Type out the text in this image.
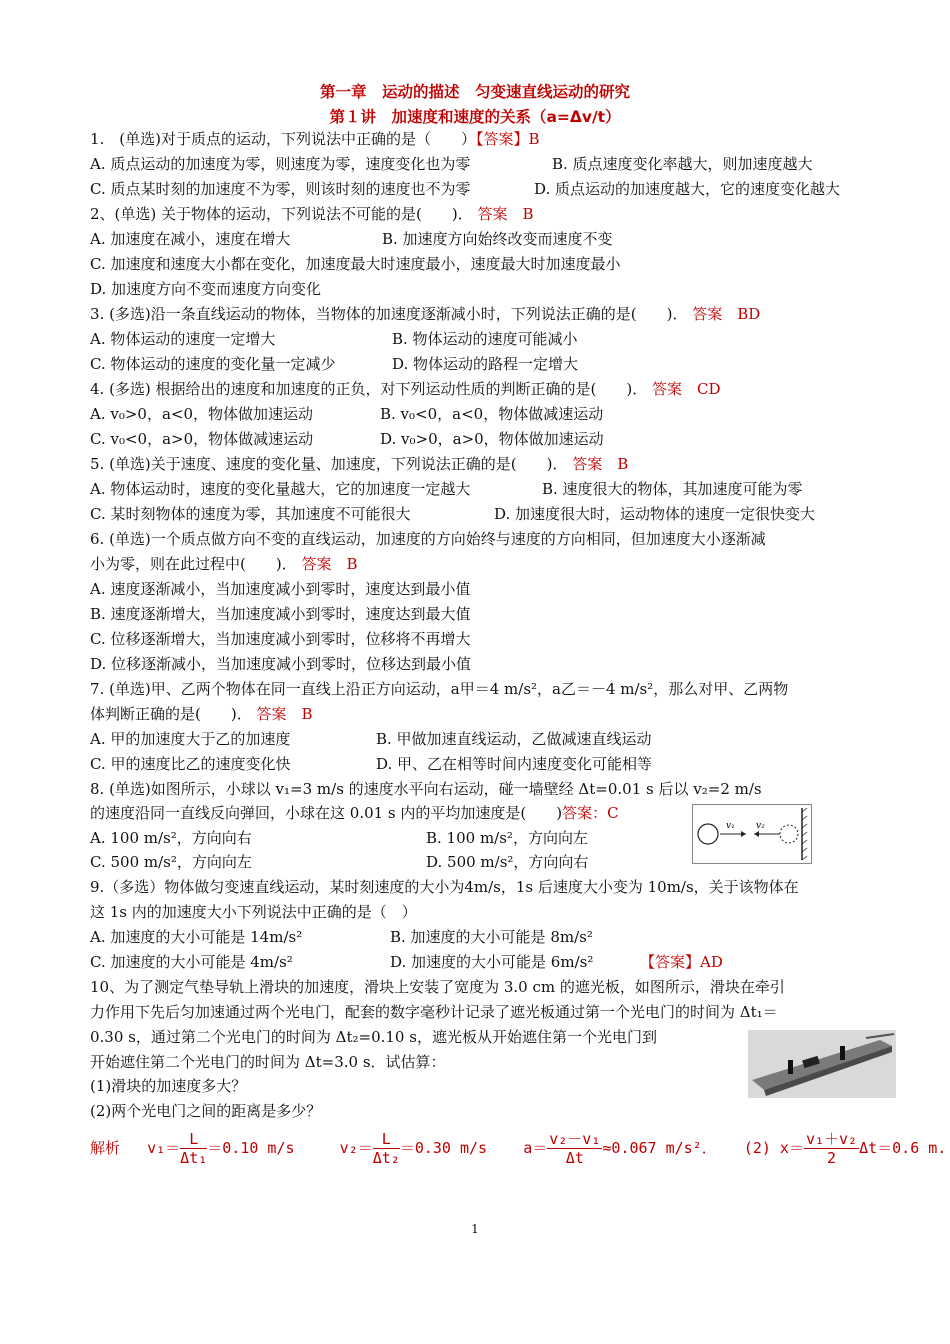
第一章　运动的描述　匀变速直线运动的研究
第１讲　加速度和速度的关系（a=Δv/t）
1.　(单选)对于质点的运动，下列说法中正确的是（　　）【答案】B
A. 质点运动的加速度为零，则速度为零，速度变化也为零	B. 质点速度变化率越大，则加速度越大
C. 质点某时刻的加速度不为零，则该时刻的速度也不为零	D. 质点运动的加速度越大，它的速度变化越大
2、(单选) 关于物体的运动，下列说法不可能的是(　　)． 答案　B
A. 加速度在减小，速度在增大	B. 加速度方向始终改变而速度不变
C. 加速度和速度大小都在变化，加速度最大时速度最小，速度最大时加速度最小
D. 加速度方向不变而速度方向变化
3. (多选)沿一条直线运动的物体，当物体的加速度逐渐减小时，下列说法正确的是(　　)． 答案　BD
A. 物体运动的速度一定增大	B. 物体运动的速度可能减小
C. 物体运动的速度的变化量一定减少	D. 物体运动的路程一定增大
4. (多选) 根据给出的速度和加速度的正负，对下列运动性质的判断正确的是(　　)． 答案　CD
A. v₀>0，a<0，物体做加速运动	B. v₀<0，a<0，物体做减速运动
C. v₀<0，a>0，物体做减速运动	D. v₀>0，a>0，物体做加速运动
5. (单选)关于速度、速度的变化量、加速度，下列说法正确的是(　　)． 答案　B
A. 物体运动时，速度的变化量越大，它的加速度一定越大	B. 速度很大的物体，其加速度可能为零
C. 某时刻物体的速度为零，其加速度不可能很大	D. 加速度很大时，运动物体的速度一定很快变大
6. (单选)一个质点做方向不变的直线运动，加速度的方向始终与速度的方向相同，但加速度大小逐渐减
小为零，则在此过程中(　　)． 答案　B
A. 速度逐渐减小，当加速度减小到零时，速度达到最小值
B. 速度逐渐增大，当加速度减小到零时，速度达到最大值
C. 位移逐渐增大，当加速度减小到零时，位移将不再增大
D. 位移逐渐减小，当加速度减小到零时，位移达到最小值
7. (单选)甲、乙两个物体在同一直线上沿正方向运动，a甲＝4 m/s²，a乙＝－4 m/s²，那么对甲、乙两物
体判断正确的是(　　)． 答案　B
A. 甲的加速度大于乙的加速度	B. 甲做加速直线运动，乙做减速直线运动
C. 甲的速度比乙的速度变化快	D. 甲、乙在相等时间内速度变化可能相等
8. (单选)如图所示，小球以 v₁=3 m/s 的速度水平向右运动，碰一墙壁经 Δt=0.01 s 后以 v₂=2 m/s
的速度沿同一直线反向弹回，小球在这 0.01 s 内的平均加速度是(　　)答案：C
A. 100 m/s²，方向向右	B. 100 m/s²，方向向左
C. 500 m/s²，方向向左	D. 500 m/s²，方向向右
v₁ v₂
9.（多选）物体做匀变速直线运动，某时刻速度的大小为4m/s，1s 后速度大小变为 10m/s，关于该物体在
这 1s 内的加速度大小下列说法中正确的是（　）
A. 加速度的大小可能是 14m/s²	B. 加速度的大小可能是 8m/s²
C. 加速度的大小可能是 4m/s²	D. 加速度的大小可能是 6m/s²	【答案】AD
10、为了测定气垫导轨上滑块的加速度，滑块上安装了宽度为 3.0 cm 的遮光板，如图所示，滑块在牵引
力作用下先后匀加速通过两个光电门，配套的数字毫秒计记录了遮光板通过第一个光电门的时间为 Δt₁＝
0.30 s，通过第二个光电门的时间为 Δt₂=0.10 s，遮光板从开始遮住第一个光电门到
开始遮住第二个光电门的时间为 Δt=3.0 s．试估算：
(1)滑块的加速度多大？
(2)两个光电门之间的距离是多少？
解析 $v_1= \frac{L}{\text{Δt₁}} =0.10$ m/s	$v_2= \frac{L}{\text{Δt₂}} =0.30$ m/s $a= \frac{\text{v₂－v₁}}{\Delta t} \approx 0.067$ m/s²． (2) $x= \frac{\text{v₁＋v₂}}{2} \Delta t=0.6$ m.
1
